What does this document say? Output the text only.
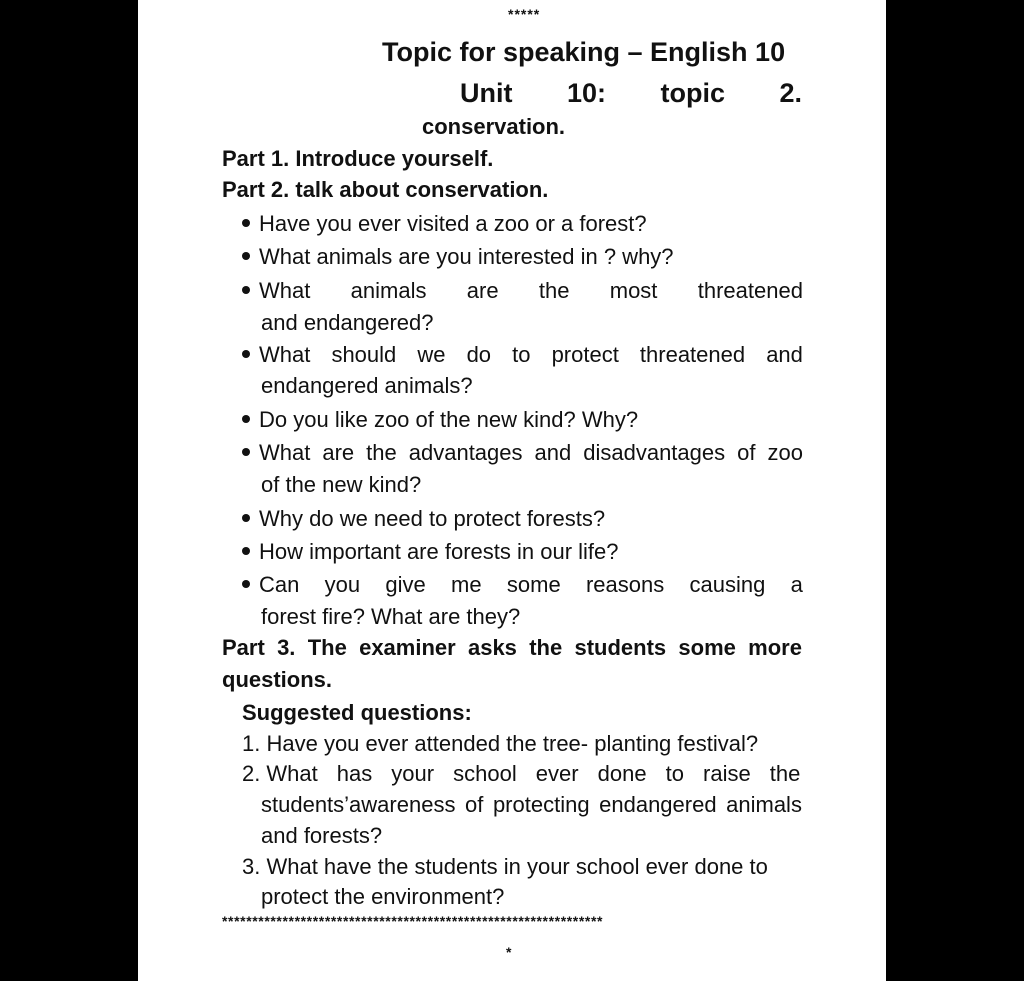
*****
Topic for speaking – English 10
Unit 10: topic 2.
conservation.
Part 1. Introduce yourself.
Part 2. talk about conservation.
Have you ever visited a zoo or a forest?
What animals are you interested in ? why?
What animals are the most threatened
and endangered?
What should we do to protect threatened and
endangered animals?
Do you like zoo of the new kind? Why?
What are the advantages and disadvantages of zoo
of the new kind?
Why do we need to protect forests?
How important are forests in our life?
Can you give me some reasons causing a
forest fire? What are they?
Part 3. The examiner asks the students some more
questions.
Suggested questions:
1. Have you ever attended the tree- planting festival?
2. What has your school ever done to raise the
students’awareness of protecting endangered animals
and forests?
3. What have the students in your school ever done to
protect the environment?
***************************************************************
*
